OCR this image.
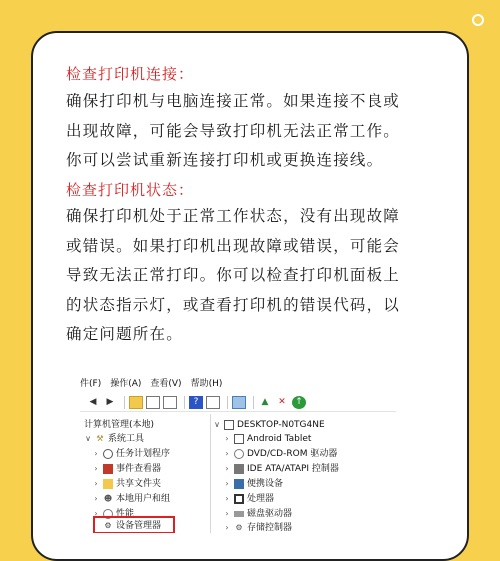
检查打印机连接：
确保打印机与电脑连接正常。如果连接不良或
出现故障，可能会导致打印机无法正常工作。
你可以尝试重新连接打印机或更换连接线。
检查打印机状态：
确保打印机处于正常工作状态，没有出现故障
或错误。如果打印机出现故障或错误，可能会
导致无法正常打印。你可以检查打印机面板上
的状态指示灯，或查看打印机的错误代码，以
确定问题所在。
件(F) 操作(A) 查看(V) 帮助(H)
◀	▶	?	▲	✕	↑
计算机管理(本地)
∨ ⚒ 系统工具
› 任务计划程序
› 事件查看器
› 共享文件夹
› ☻ 本地用户和组
› 性能
⚙ 设备管理器
∨ DESKTOP-N0TG4NE
› Android Tablet
› DVD/CD-ROM 驱动器
› IDE ATA/ATAPI 控制器
› 便携设备
› 处理器
› 磁盘驱动器
› ⚙ 存储控制器
